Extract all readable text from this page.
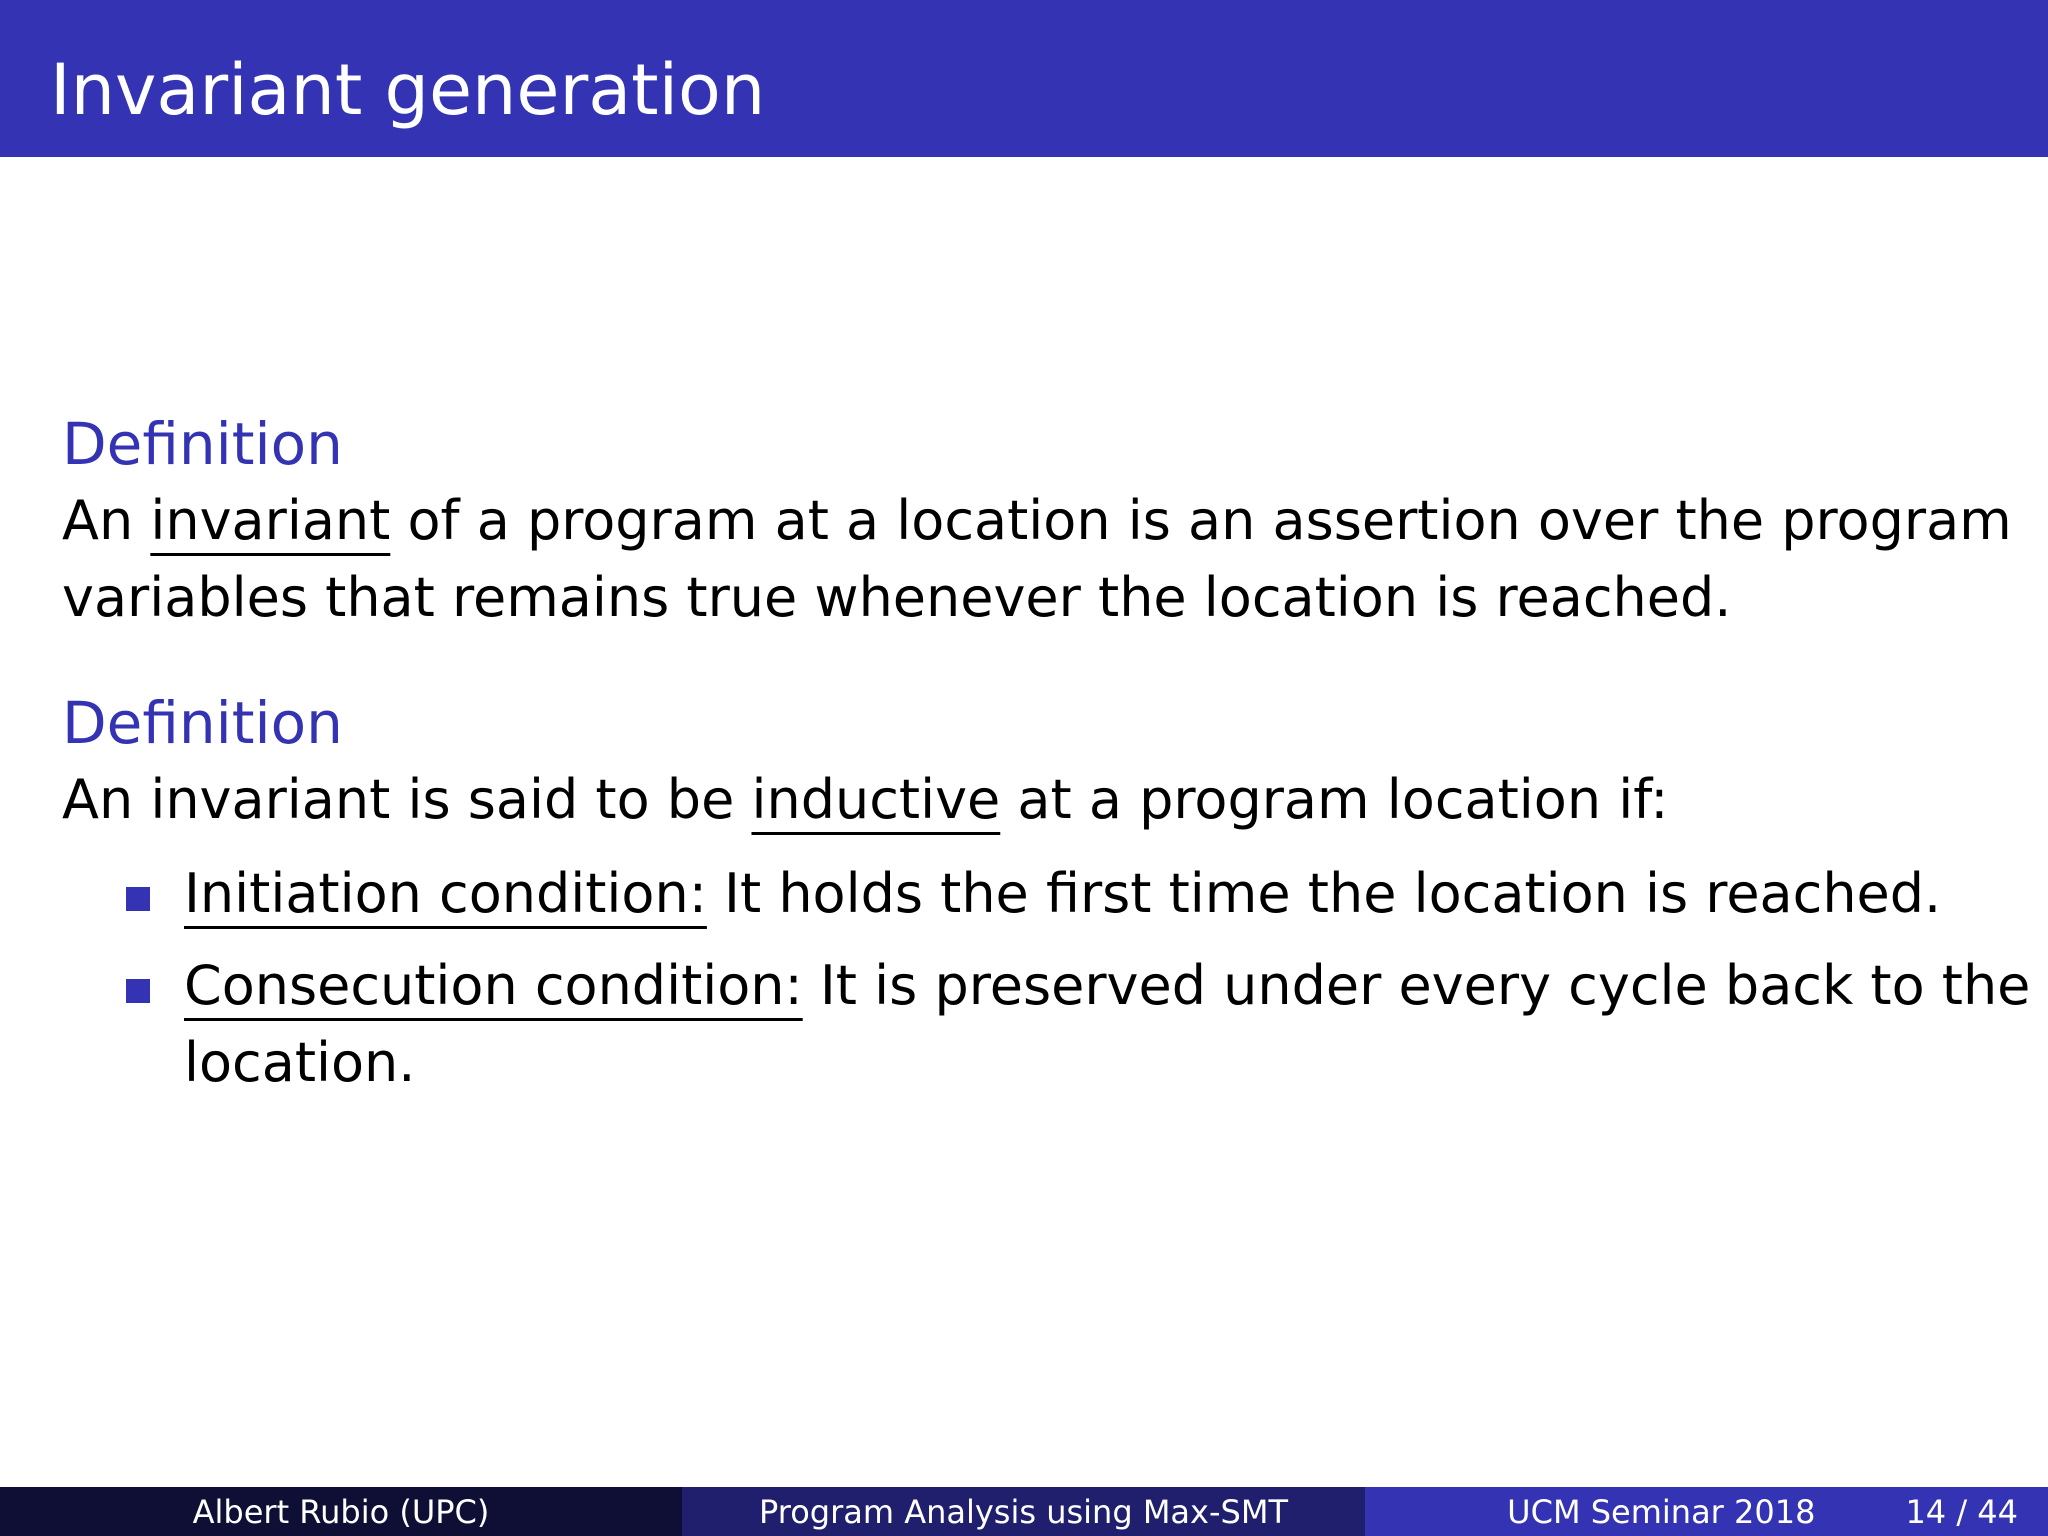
Invariant generation
Definition
An invariant of a program at a location is an assertion over the program
variables that remains true whenever the location is reached.
Definition
An invariant is said to be inductive at a program location if:
Initiation condition: It holds the first time the location is reached.
Consecution condition: It is preserved under every cycle back to the
location.
Albert Rubio (UPC)	Program Analysis using Max-SMT	UCM Seminar 2018	14 / 44
